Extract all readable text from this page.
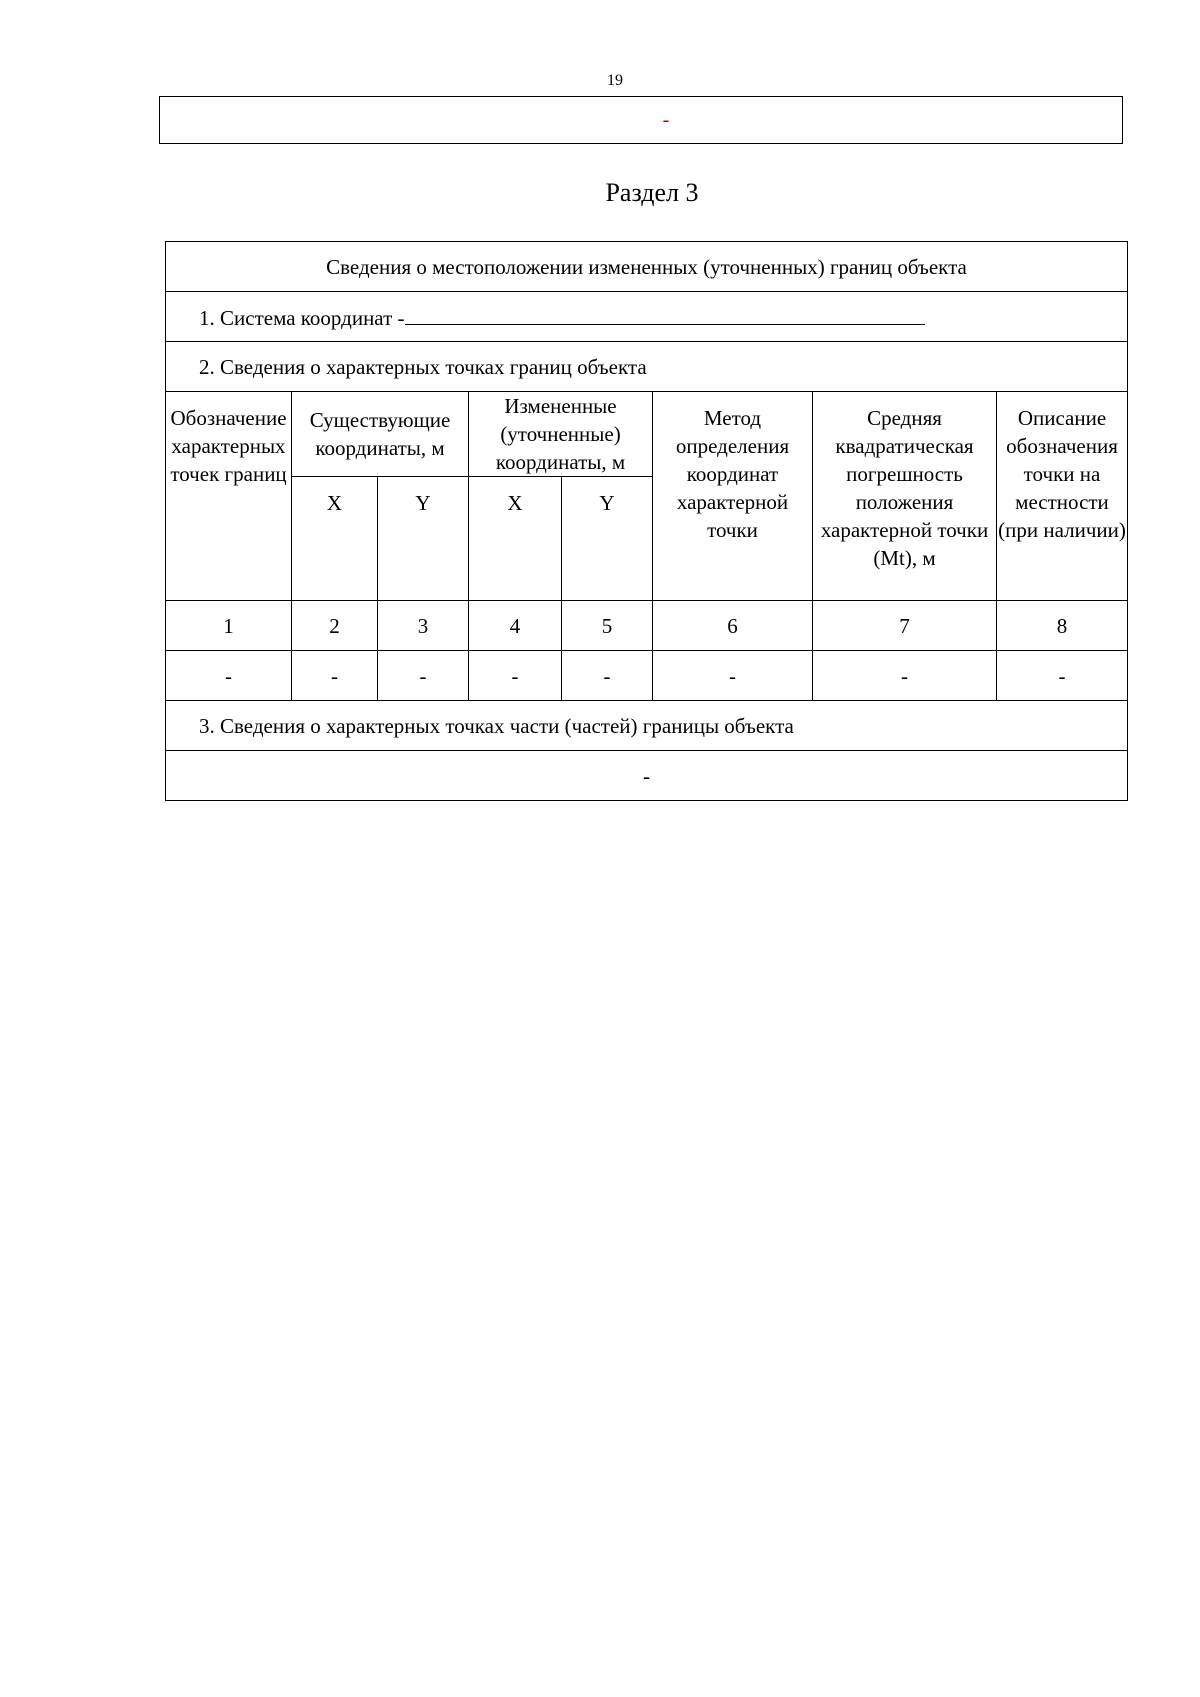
19
-
Раздел 3
Сведения о местоположении измененных (уточненных) границ объекта							
1. Система координат -							
2. Сведения о характерных точках границ объекта							
Обозначение характерных точек границ	Существующие координаты, м		Измененные (уточненные) координаты, м		Метод определения координат характерной точки	Средняя квадратическая погрешность положения характерной точки (Mt), м	Описание обозначения точки на местности (при наличии)
	X	Y	X	Y			
1	2	3	4	5	6	7	8
-	-	-	-	-	-	-	-
3. Сведения о характерных точках части (частей) границы объекта							
-							
